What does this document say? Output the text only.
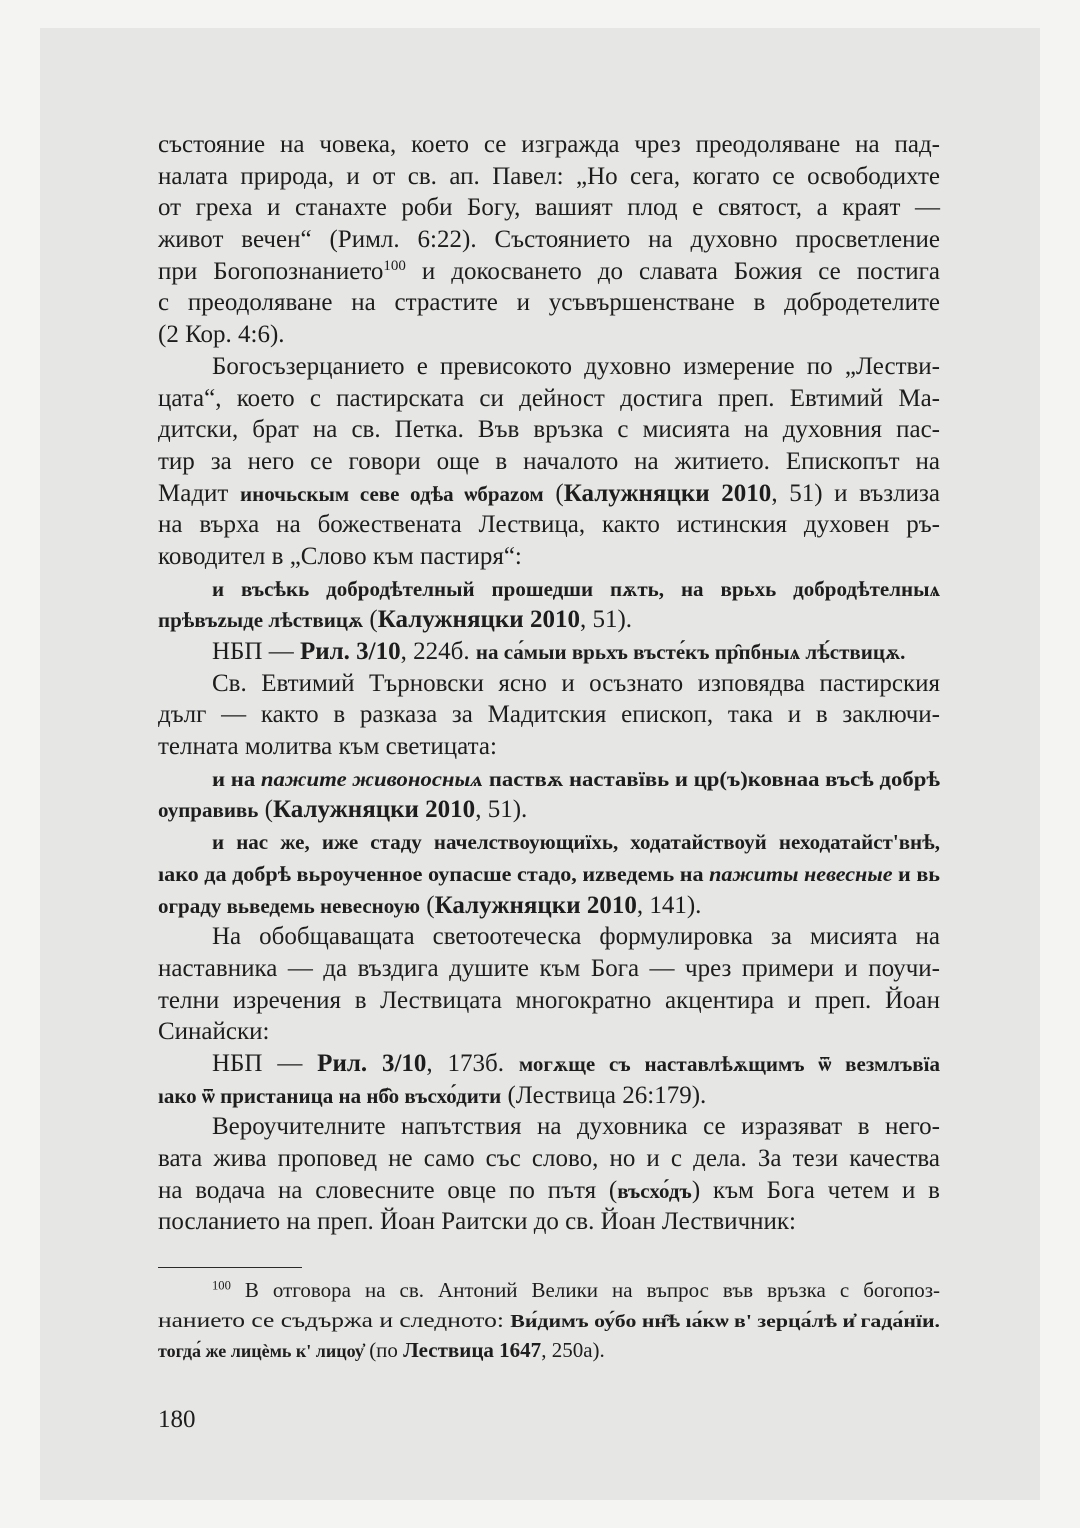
състояние на човека, което се изгражда чрез преодоляване на пад-
налата природа, и от св. ап. Павел: „Но сега, когато се освободихте
от греха и станахте роби Богу, вашият плод е святост, а краят —
живот вечен“ (Римл. 6:22). Състоянието на духовно просветление
при Богопознанието$^{100}$ и докосването до славата Божия се постига
с преодоляване на страстите и усъвършенстване в добродетелите
(2 Кор. 4:6).
Богосъзерцанието е превисокото духовно измерение по „Лестви-
цата“, което с пастирската си дейност достига преп. Евтимий Ма-
дитски, брат на св. Петка. Във връзка с мисията на духовния пас-
тир за него се говори още в началото на житието. Епископът на
Мадит иночьскым севе одѣа ѡбраzом (Калужняцки 2010, 51) и възлиза
на върха на божествената Лествица, както истинския духовен ръ-
ководител в „Слово към пастиря“:
и въсѣкь добродѣтелный прошедши пѫть, на врьхь добродѣтелныѧ
прѣвъzыде лѣствицѫ (Калужняцки 2010, 51).
НБП — Рил. 3/10, 224б. на са́мыи врьхъ въсте́къ пр̑пбныѧ лѣ́ствицѫ.
Св. Евтимий Търновски ясно и осъзнато изповядва пастирския
дълг — както в разказа за Мадитския епископ, така и в заключи-
телната молитва към светицата:
и на пажите живоносныѧ паствѫ наставївь и цр(ъ)ковнаа въсѣ добрѣ
оуправивь (Калужняцки 2010, 51).
и нас же, иже стаду начелствоующиїхь, ходатайствоуй неходатайст'внѣ,
ıако да добрѣ вьроученное оупасше стадо, иzведемь на пажиты невесные и вь
ограду вьведемь невесноую (Калужняцки 2010, 141).
На обобщаващата светоотеческа формулировка за мисията на
наставника — да въздига душите към Бога — чрез примери и поучи-
телни изречения в Лествицата многократно акцентира и преп. Йоан
Синайски:
НБП — Рил. 3/10, 173б. могѫще съ наставлѣѫщимъ ѿ везмлъвїа
ıако ѿ пристаница на нб̑о въсхо́дити (Лествица 26:179).
Вероучителните напътствия на духовника се изразяват в него-
вата жива проповед не само със слово, но и с дела. За тези качества
на водача на словесните овце по пътя (въсхо́дъ) към Бога четем и в
посланието на преп. Йоан Раитски до св. Йоан Лествичник:
$^{100}$ В отговора на св. Антоний Велики на въпрос във връзка с богопоз-
нанието се съдържа и следното: Ви́димъ оу́бо нн̑ѣ ıа́кѡ в' зерца́лѣ и̓ гада́нїи.
тогда́ же лицѐмь к' лицоу̓ (по Лествица 1647, 250а).
180
